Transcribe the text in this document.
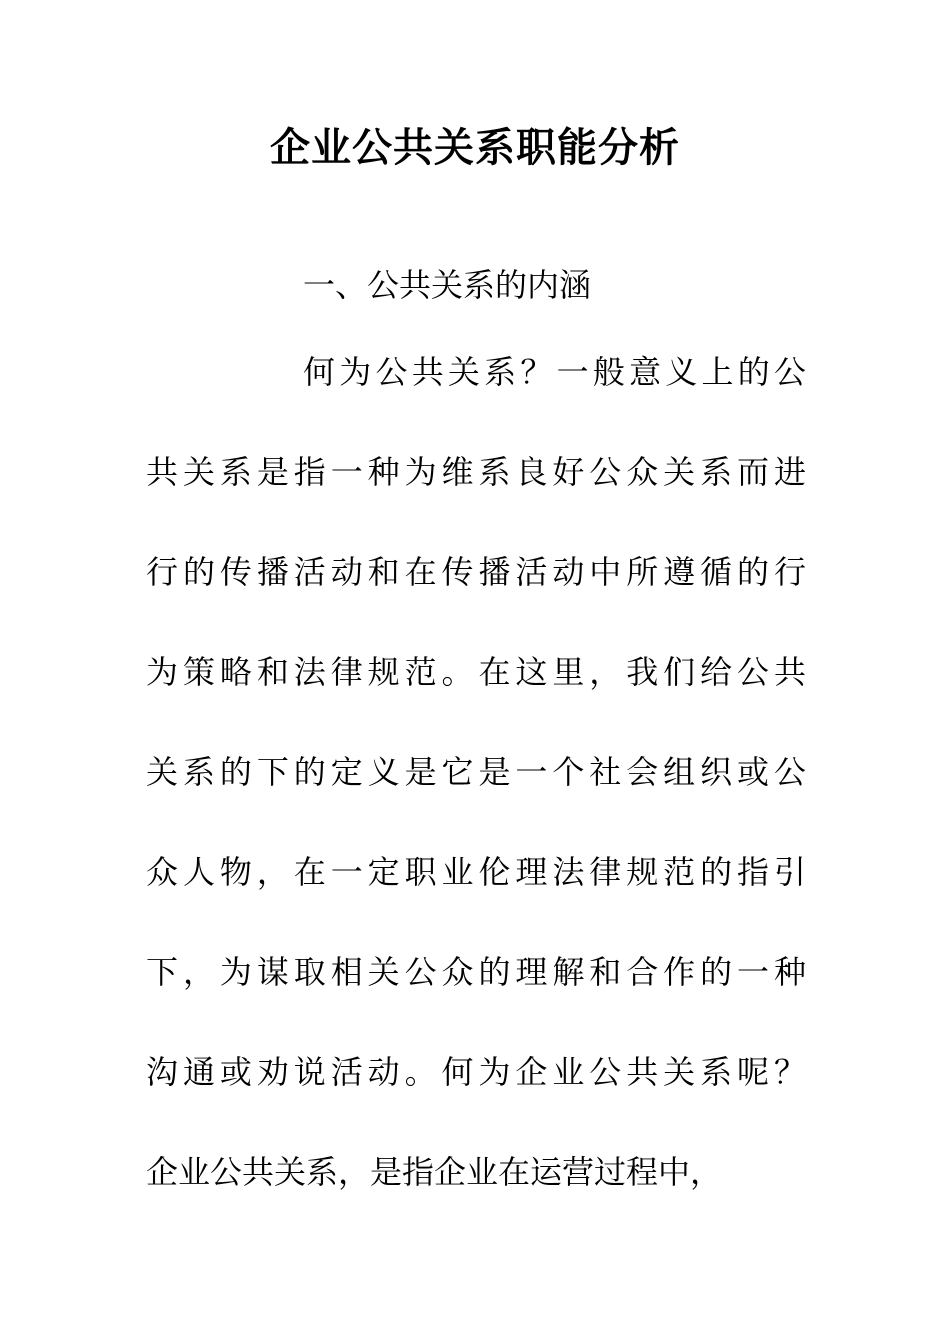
企业公共关系职能分析
一、公共关系的内涵
何为公共关系？一般意义上的公
共关系是指一种为维系良好公众关系而进
行的传播活动和在传播活动中所遵循的行
为策略和法律规范。在这里，我们给公共
关系的下的定义是它是一个社会组织或公
众人物，在一定职业伦理法律规范的指引
下，为谋取相关公众的理解和合作的一种
沟通或劝说活动。何为企业公共关系呢？
企业公共关系，是指企业在运营过程中，
